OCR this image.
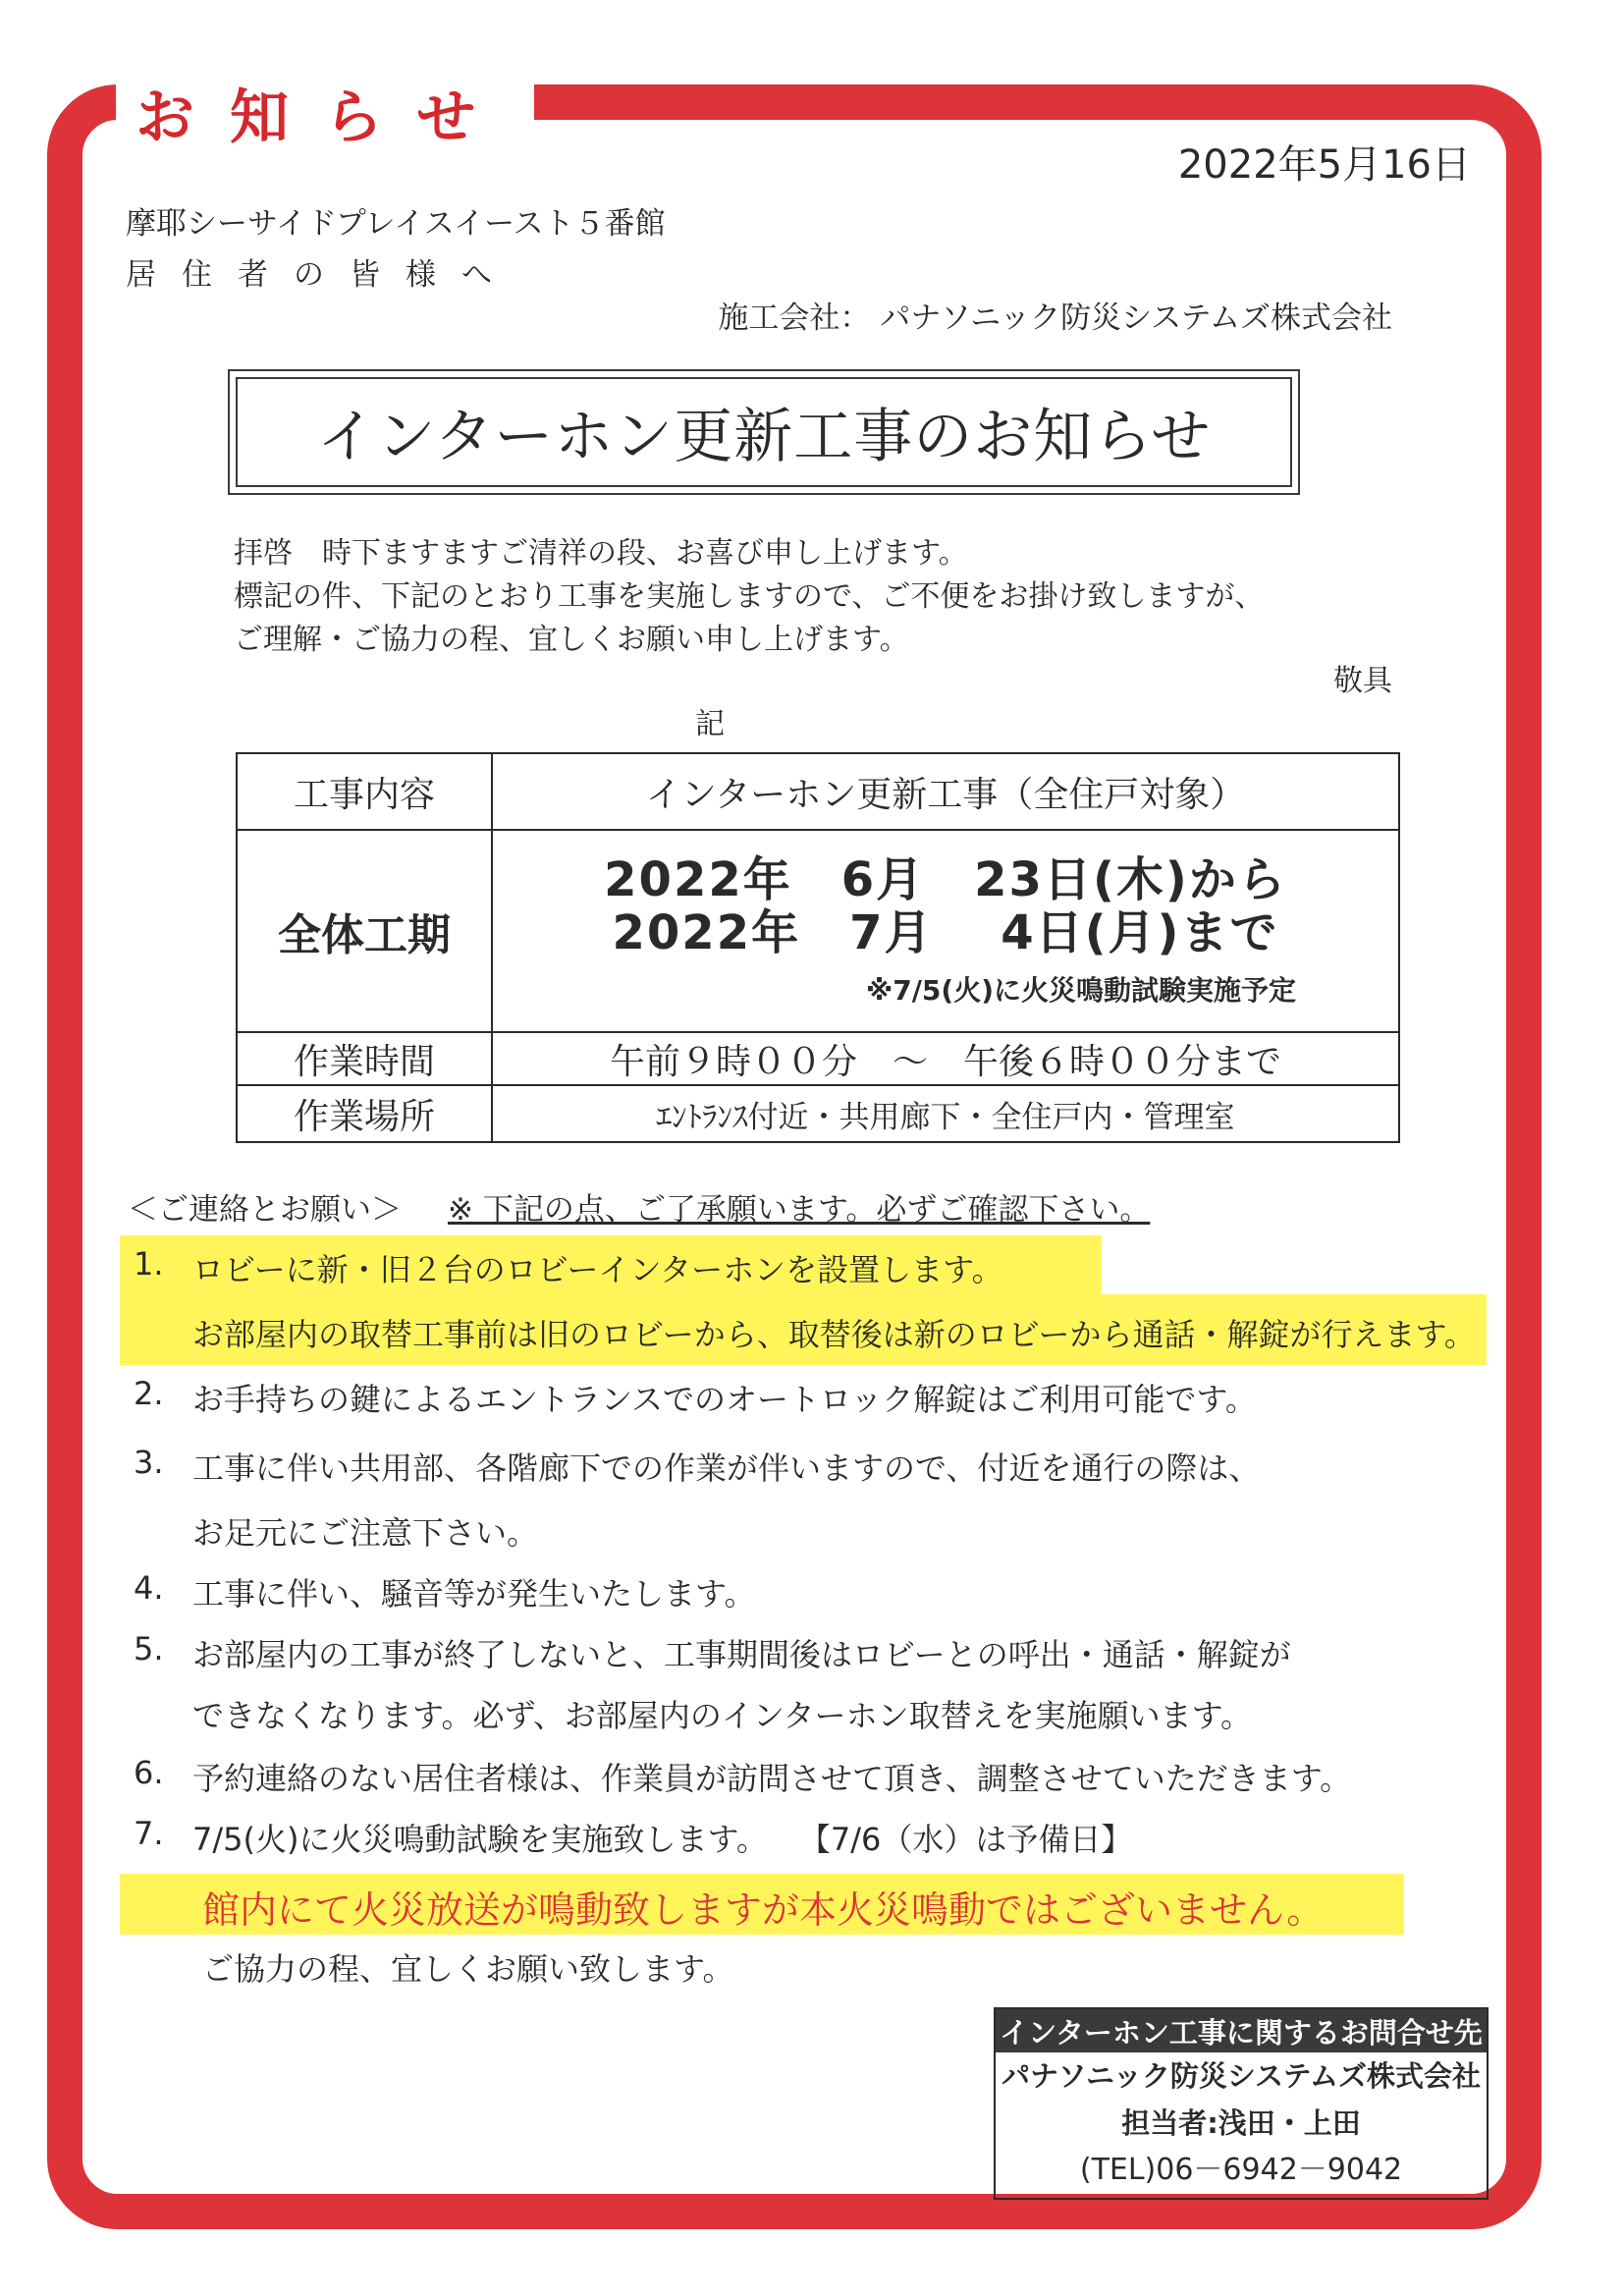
お知らせ
2022年5月16日
摩耶シーサイドプレイスイースト５番館
居住者の皆様へ
施工会社： パナソニック防災システムズ株式会社
インターホン更新工事のお知らせ
拝啓　時下ますますご清祥の段、お喜び申し上げます。
標記の件、下記のとおり工事を実施しますので、ご不便をお掛け致しますが、
ご理解・ご協力の程、宜しくお願い申し上げます。
敬具
記
工事内容	インターホン更新工事（全住戸対象）
全体工期	2022年　6月　23日(木)から
2022年　7月　 4日(月)まで
※7/5(火)に火災鳴動試験実施予定

作業時間	午前９時００分　～　午後６時００分まで
作業場所	ｴﾝﾄﾗﾝｽ付近・共用廊下・全住戸内・管理室
＜ご連絡とお願い＞ ※ 下記の点、ご了承願います。必ずご確認下さい。
1. ロビーに新・旧２台のロビーインターホンを設置します。
お部屋内の取替工事前は旧のロビーから、取替後は新のロビーから通話・解錠が行えます。
2. お手持ちの鍵によるエントランスでのオートロック解錠はご利用可能です。
3. 工事に伴い共用部、各階廊下での作業が伴いますので、付近を通行の際は、
お足元にご注意下さい。
4. 工事に伴い、騒音等が発生いたします。
5. お部屋内の工事が終了しないと、工事期間後はロビーとの呼出・通話・解錠が
できなくなります。必ず、お部屋内のインターホン取替えを実施願います。
6. 予約連絡のない居住者様は、作業員が訪問させて頂き、調整させていただきます。
7. 7/5(火)に火災鳴動試験を実施致します。　　【7/6（水）は予備日】
館内にて火災放送が鳴動致しますが本火災鳴動ではございません。
ご協力の程、宜しくお願い致します。
インターホン工事に関するお問合せ先
パナソニック防災システムズ株式会社
担当者:浅田・上田
(TEL)06－6942－9042
